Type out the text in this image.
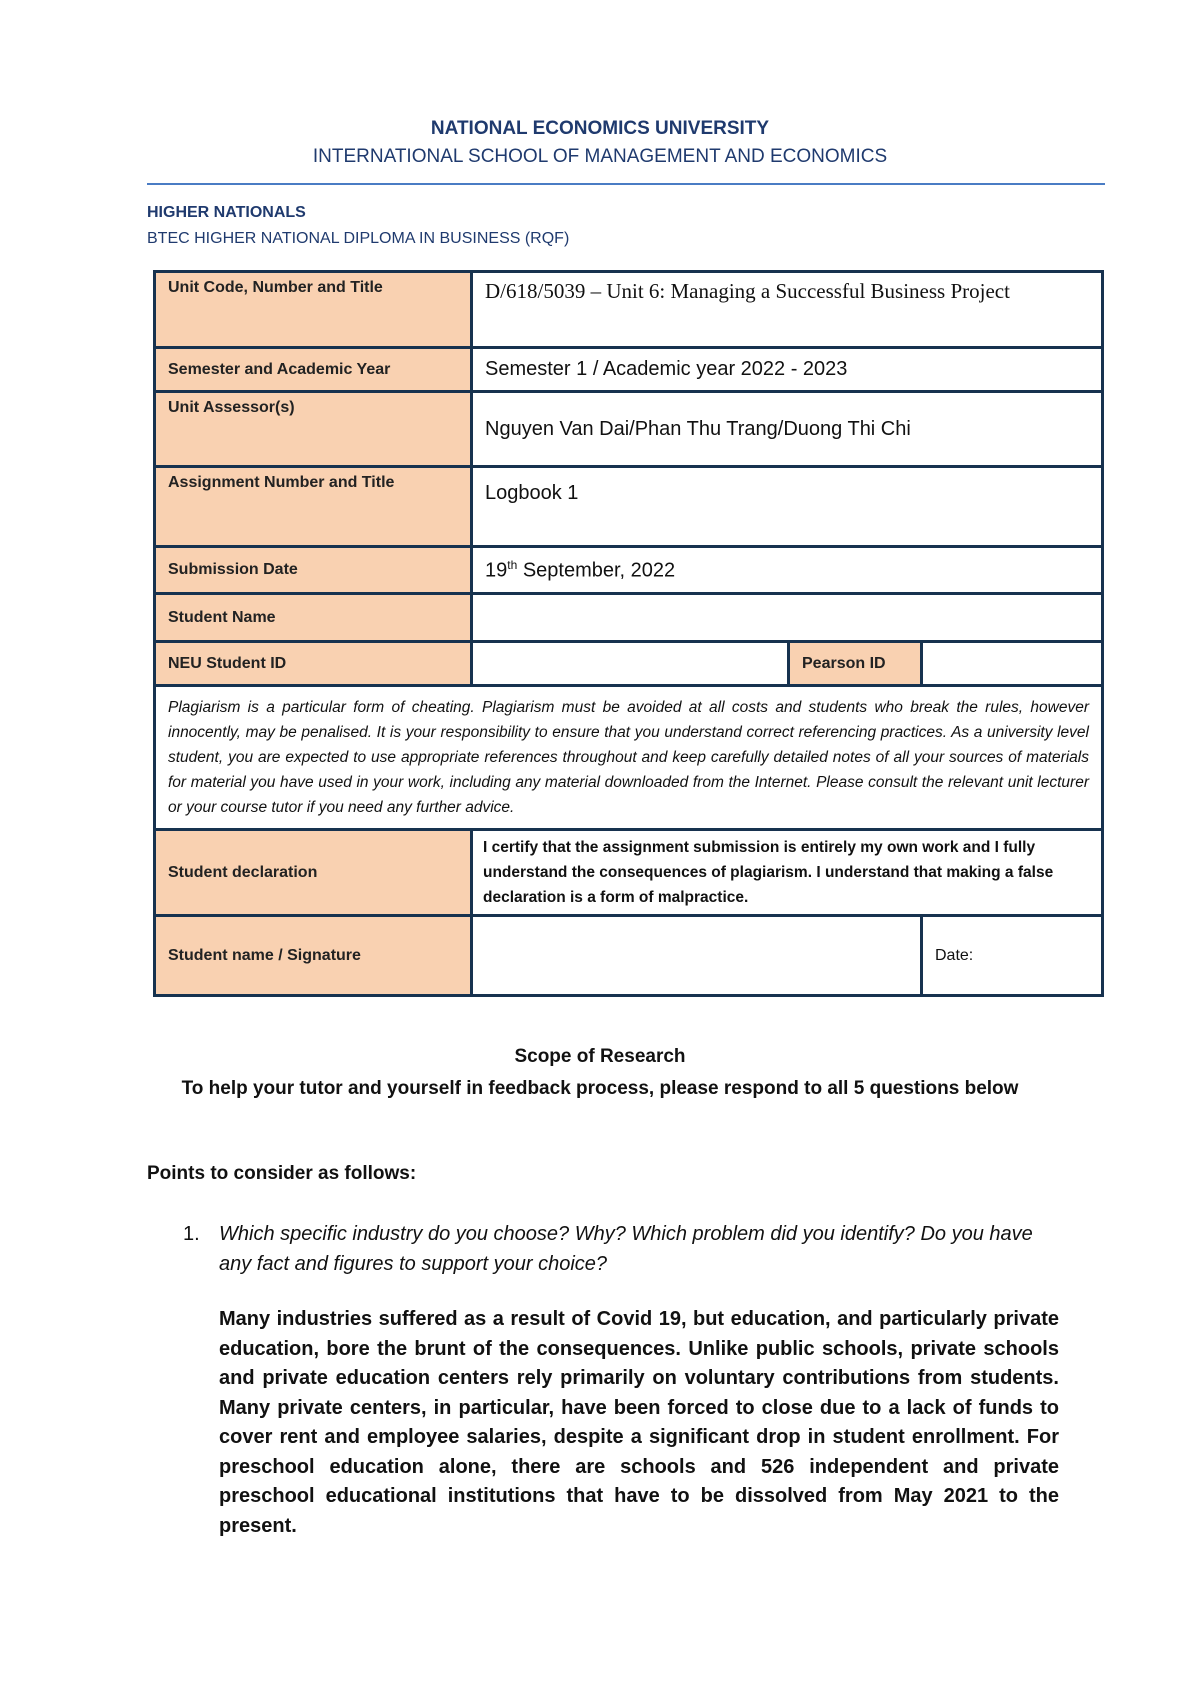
NATIONAL ECONOMICS UNIVERSITY
INTERNATIONAL SCHOOL OF MANAGEMENT AND ECONOMICS
HIGHER NATIONALS
BTEC HIGHER NATIONAL DIPLOMA IN BUSINESS (RQF)
Unit Code, Number and Title	D/618/5039 – Unit 6: Managing a Successful Business Project		
Semester and Academic Year	Semester 1 / Academic year 2022 - 2023		
Unit Assessor(s)	Nguyen Van Dai/Phan Thu Trang/Duong Thi Chi		
Assignment Number and Title	Logbook 1		
Submission Date	19th September, 2022		
Student Name			
NEU Student ID		Pearson ID	
Plagiarism is a particular form of cheating. Plagiarism must be avoided at all costs and students who break the rules, however innocently, may be penalised. It is your responsibility to ensure that you understand correct referencing practices. As a university level student, you are expected to use appropriate references throughout and keep carefully detailed notes of all your sources of materials for material you have used in your work, including any material downloaded from the Internet. Please consult the relevant unit lecturer or your course tutor if you need any further advice.			
Student declaration	I certify that the assignment submission is entirely my own work and I fully understand the consequences of plagiarism. I understand that making a false declaration is a form of malpractice.		
Student name / Signature			Date:
Scope of Research
To help your tutor and yourself in feedback process, please respond to all 5 questions below
Points to consider as follows:
1. Which specific industry do you choose? Why? Which problem did you identify? Do you have any fact and figures to support your choice?
Many industries suffered as a result of Covid 19, but education, and particularly private education, bore the brunt of the consequences. Unlike public schools, private schools and private education centers rely primarily on voluntary contributions from students. Many private centers, in particular, have been forced to close due to a lack of funds to cover rent and employee salaries, despite a significant drop in student enrollment. For preschool education alone, there are schools and 526 independent and private preschool educational institutions that have to be dissolved from May 2021 to the present.
